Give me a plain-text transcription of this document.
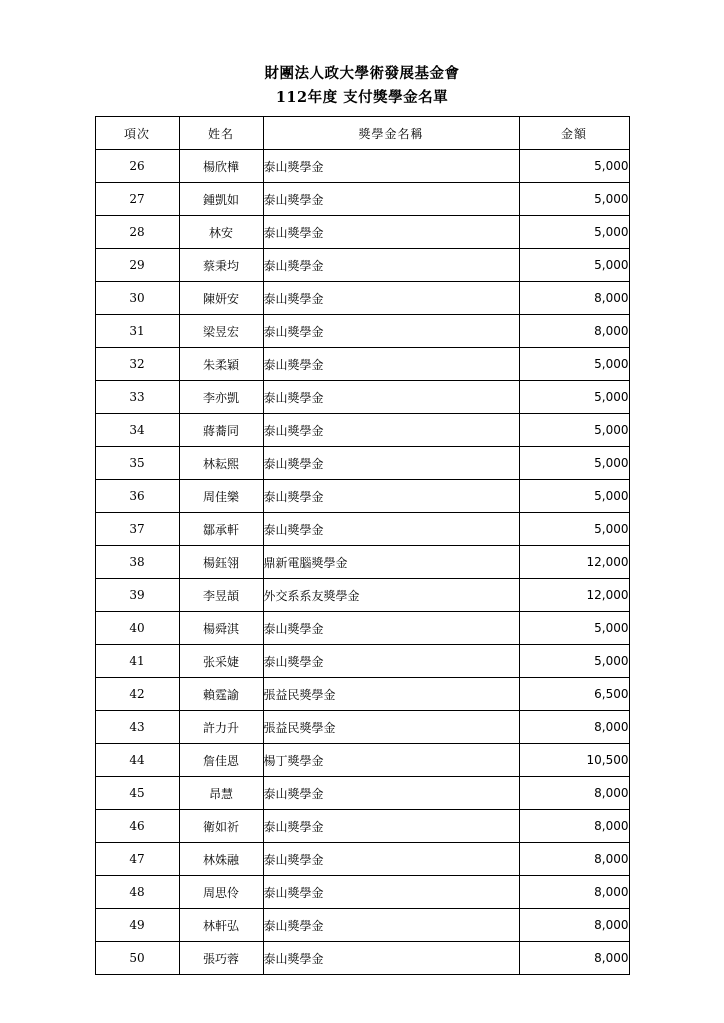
財團法人政大學術發展基金會
112年度 支付獎學金名單
項次	姓名	獎學金名稱	金額
26	楊欣樺	泰山獎學金	5,000
27	鍾凱如	泰山獎學金	5,000
28	林安	泰山獎學金	5,000
29	蔡秉均	泰山獎學金	5,000
30	陳妍安	泰山獎學金	8,000
31	梁昱宏	泰山獎學金	8,000
32	朱柔穎	泰山獎學金	5,000
33	李亦凱	泰山獎學金	5,000
34	蔣蕎同	泰山獎學金	5,000
35	林耘熙	泰山獎學金	5,000
36	周佳樂	泰山獎學金	5,000
37	鄒承軒	泰山獎學金	5,000
38	楊鈺翎	鼎新電腦獎學金	12,000
39	李昱頡	外交系系友獎學金	12,000
40	楊舜淇	泰山獎學金	5,000
41	张采婕	泰山獎學金	5,000
42	賴霆諭	張益民獎學金	6,500
43	許力升	張益民獎學金	8,000
44	詹佳恩	楊丁獎學金	10,500
45	昂慧	泰山獎學金	8,000
46	衛如祈	泰山獎學金	8,000
47	林姝融	泰山獎學金	8,000
48	周思伶	泰山獎學金	8,000
49	林軒弘	泰山獎學金	8,000
50	張巧蓉	泰山獎學金	8,000
